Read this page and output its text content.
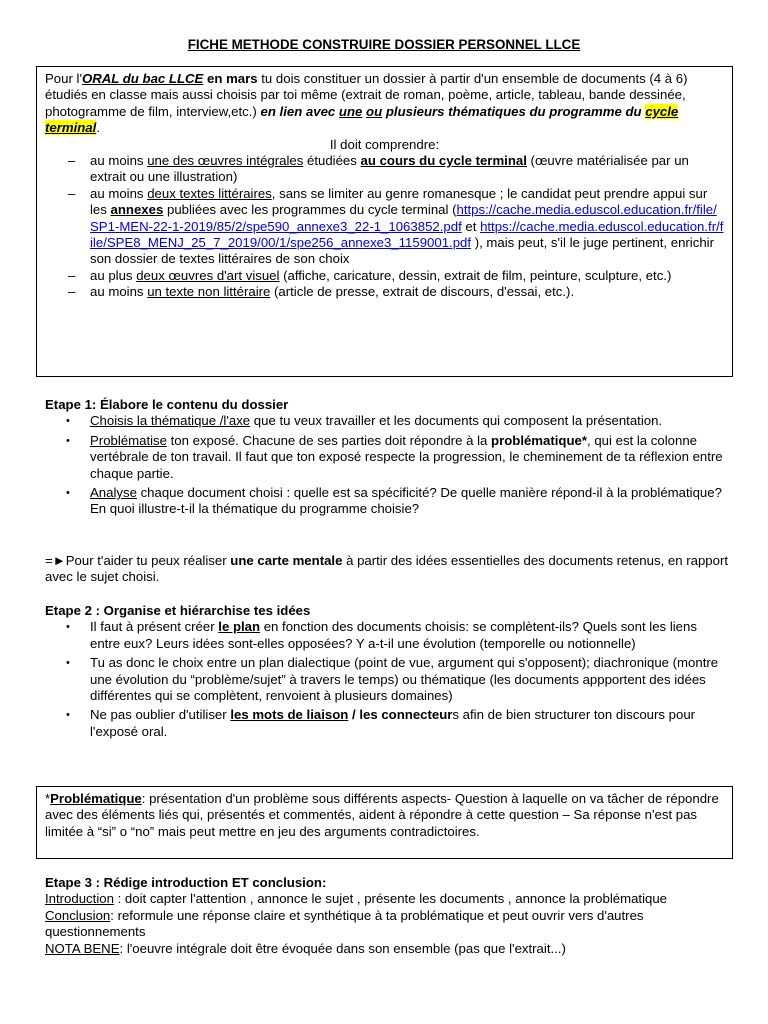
FICHE METHODE CONSTRUIRE DOSSIER PERSONNEL LLCE

Pour l'ORAL du bac LLCE en mars tu dois constituer un dossier à partir d'un ensemble de documents (4 à 6) étudiés en classe mais aussi choisis par toi même (extrait de roman, poème, article, tableau, bande dessinée, photogramme de film, interview,etc.) en lien avec une ou plusieurs thématiques du programme du cycle terminal.

Il doit comprendre:

– au moins une des œuvres intégrales étudiées au cours du cycle terminal (œuvre matérialisée par un extrait ou une illustration)
– au moins deux textes littéraires, sans se limiter au genre romanesque ; le candidat peut prendre appui sur les annexes publiées avec les programmes du cycle terminal (https://cache.media.eduscol.education.fr/file/SP1-MEN-22-1-2019/85/2/spe590_annexe3_22-1_1063852.pdf et https://cache.media.eduscol.education.fr/file/SPE8_MENJ_25_7_2019/00/1/spe256_annexe3_1159001.pdf ), mais peut, s'il le juge pertinent, enrichir son dossier de textes littéraires de son choix
– au plus deux œuvres d'art visuel (affiche, caricature, dessin, extrait de film, peinture, sculpture, etc.)
– au moins un texte non littéraire (article de presse, extrait de discours, d'essai, etc.).

Etape 1: Élabore le contenu du dossier

• Choisis la thématique /l'axe que tu veux travailler et les documents qui composent la présentation.
• Problématise ton exposé. Chacune de ses parties doit répondre à la problématique*, qui est la colonne vertébrale de ton travail. Il faut que ton exposé respecte la progression, le cheminement de ta réflexion entre chaque partie.
• Analyse chaque document choisi : quelle est sa spécificité? De quelle manière répond-il à la problématique? En quoi illustre-t-il la thématique du programme choisie?

=►Pour t'aider tu peux réaliser une carte mentale à partir des idées essentielles des documents retenus, en rapport avec le sujet choisi.

Etape 2 : Organise et hiérarchise tes idées

• Il faut à présent créer le plan en fonction des documents choisis: se complètent-ils? Quels sont les liens entre eux? Leurs idées sont-elles opposées? Y a-t-il une évolution (temporelle ou notionnelle)
• Tu as donc le choix entre un plan dialectique (point de vue, argument qui s'opposent); diachronique (montre une évolution du “problème/sujet” à travers le temps) ou thématique (les documents appportent des idées différentes qui se complètent, renvoient à plusieurs domaines)
• Ne pas oublier d'utiliser les mots de liaison / les connecteurs afin de bien structurer ton discours pour l'exposé oral.

*Problématique: présentation d'un problème sous différents aspects- Question à laquelle on va tâcher de répondre avec des éléments liés qui, présentés et commentés, aident à répondre à cette question – Sa réponse n'est pas limitée à “si” o “no” mais peut mettre en jeu des arguments contradictoires.

Etape 3 : Rédige introduction ET conclusion:

Introduction : doit capter l'attention , annonce le sujet , présente les documents , annonce la problématique

Conclusion: reformule une réponse claire et synthétique à ta problématique et peut ouvrir vers d'autres questionnements

NOTA BENE: l'oeuvre intégrale doit être évoquée dans son ensemble (pas que l'extrait...)
